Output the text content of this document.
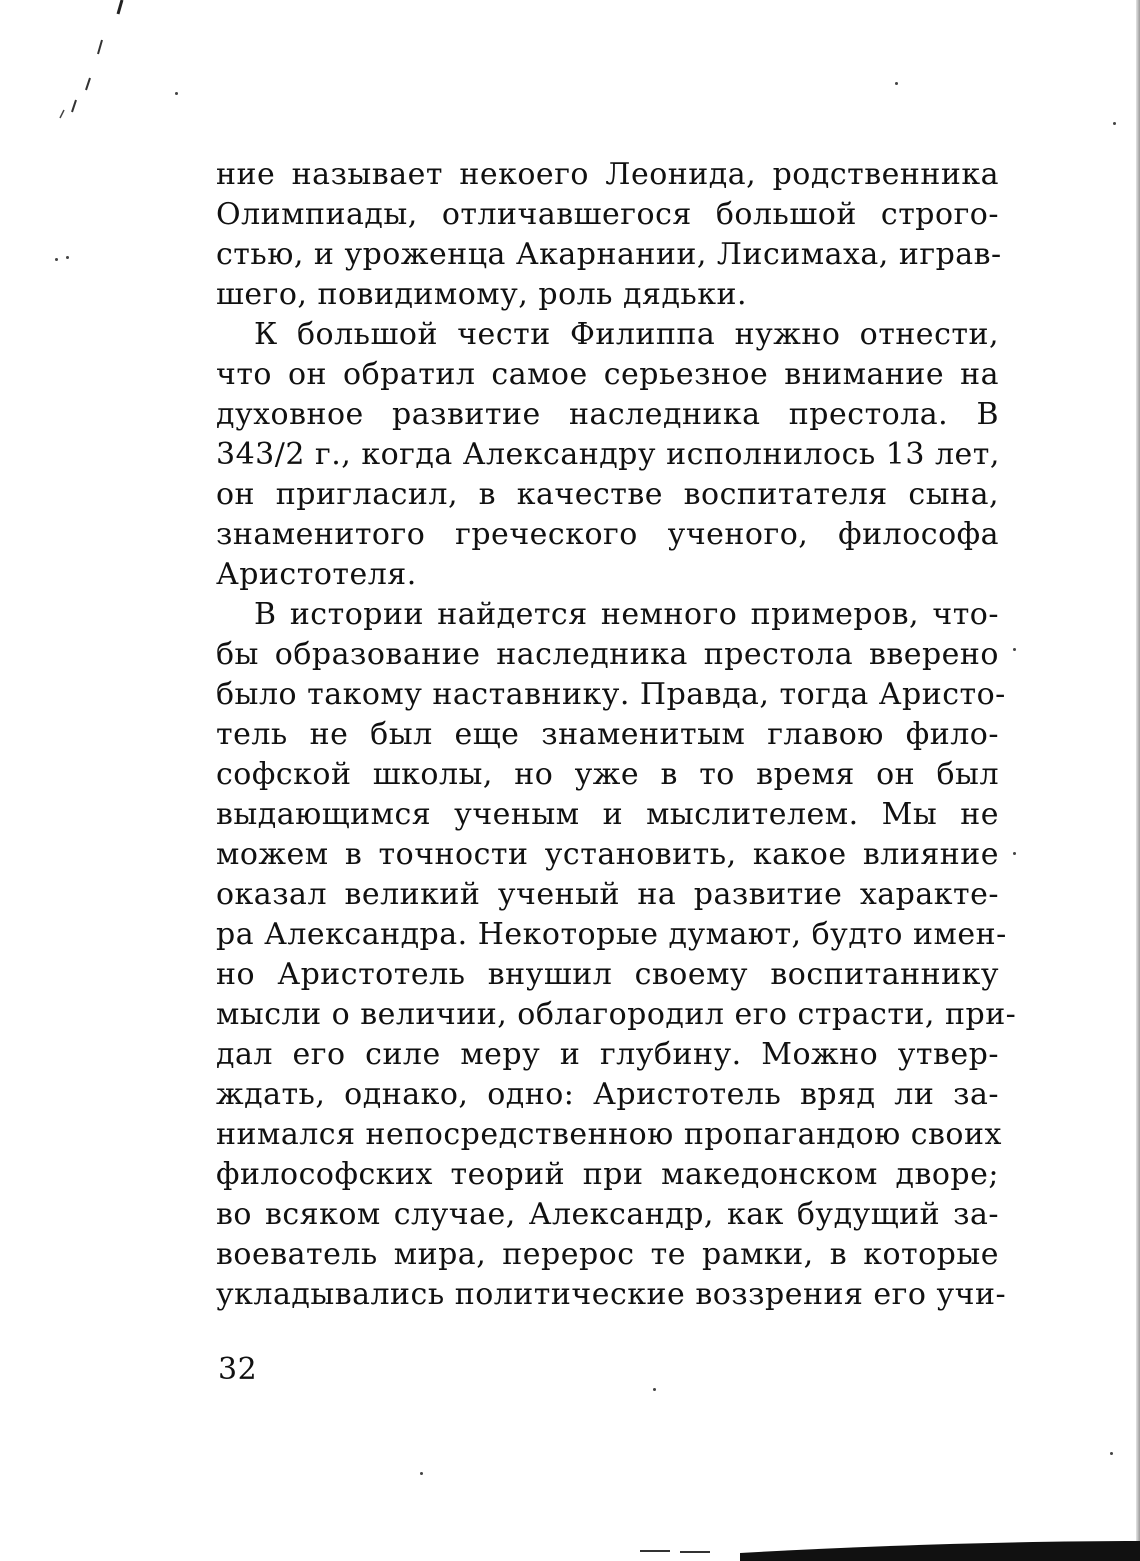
ние называет некоего Леонида, родственника
Олимпиады, отличавшегося большой строго-
стью, и уроженца Акарнании, Лисимаха, играв-
шего, повидимому, роль дядьки.
К большой чести Филиппа нужно отнести,
что он обратил самое серьезное внимание на
духовное развитие наследника престола. В
343/2 г., когда Александру исполнилось 13 лет,
он пригласил, в качестве воспитателя сына,
знаменитого греческого ученого, философа
Аристотеля.
В истории найдется немного примеров, что-
бы образование наследника престола вверено
было такому наставнику. Правда, тогда Аристо-
тель не был еще знаменитым главою фило-
софской школы, но уже в то время он был
выдающимся ученым и мыслителем. Мы не
можем в точности установить, какое влияние
оказал великий ученый на развитие характе-
ра Александра. Некоторые думают, будто имен-
но Аристотель внушил своему воспитаннику
мысли о величии, облагородил его страсти, при-
дал его силе меру и глубину. Можно утвер-
ждать, однако, одно: Аристотель вряд ли за-
нимался непосредственною пропагандою своих
философских теорий при македонском дворе;
во всяком случае, Александр, как будущий за-
воеватель мира, перерос те рамки, в которые
укладывались политические воззрения его учи-
32
